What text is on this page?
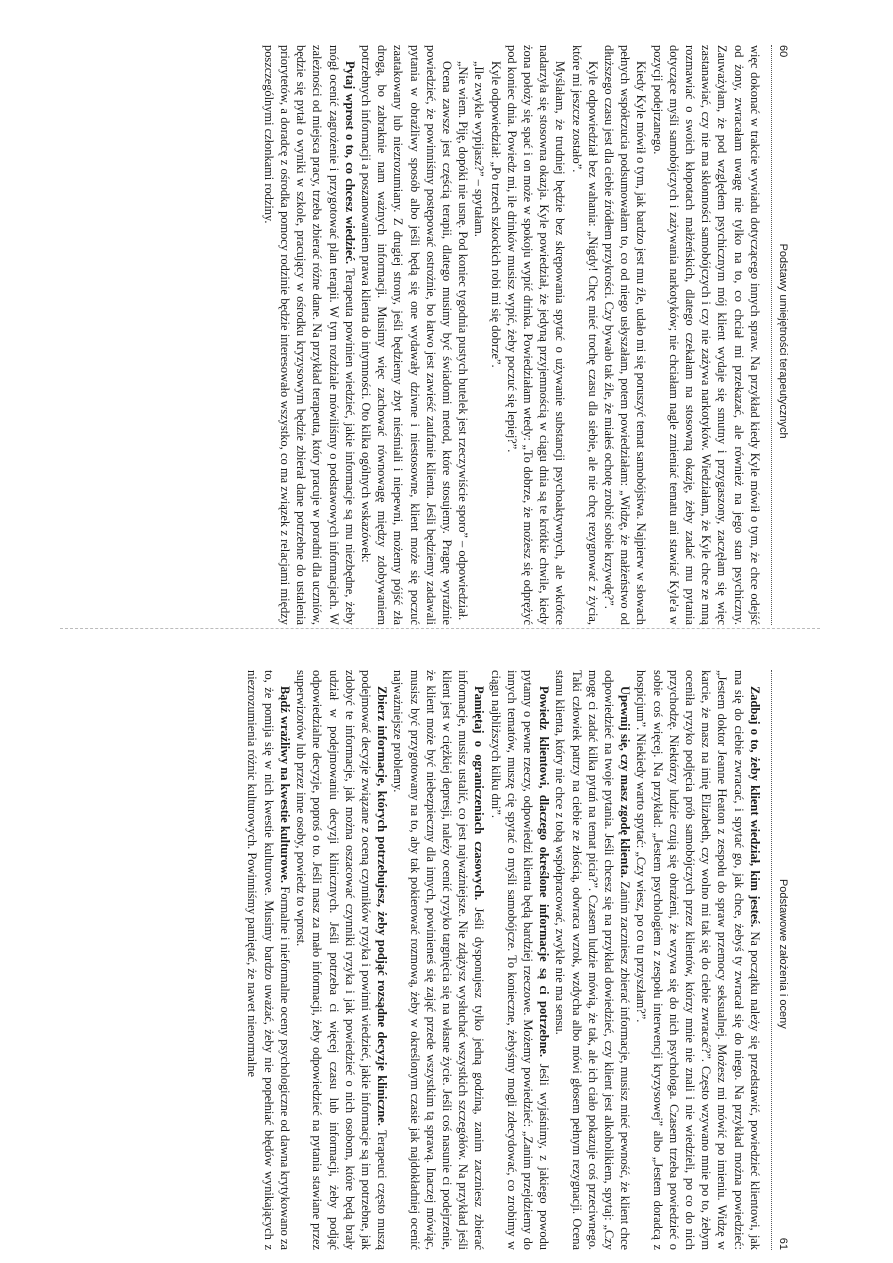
60
Podstawy umiejętności terapeutycznych

więc dokonać w trakcie wywiadu dotyczącego innych spraw. Na przykład kiedy Kyle mówił o tym, że chce odejść od żony, zwracałam uwagę nie tylko na to, co chciał mi przekazać, ale również na jego stan psychiczny. Zauważyłam, że pod względem psychicznym mój klient wydaje się smutny i przygaszony, zaczęłam się więc zastanawiać, czy nie ma skłonności samobójczych i czy nie zażywa narkotyków. Wiedziałam, że Kyle chce ze mną rozmawiać o swoich kłopotach małżeńskich, dlatego czekałam na stosowną okazję, żeby zadać mu pytania dotyczące myśli samobójczych i zażywania narkotyków; nie chciałam nagle zmieniać tematu ani stawiać Kyle'a w pozycji podejrzanego.

Kiedy Kyle mówił o tym, jak bardzo jest mu źle, udało mi się poruszyć temat samobójstwa. Najpierw w słowach pełnych współczucia podsumowałam to, co od niego usłyszałam, potem powiedziałam: „Widzę, że małżeństwo od dłuższego czasu jest dla ciebie źródłem przykrości. Czy bywało tak źle, że miałeś ochotę zrobić sobie krzywdę?”.

Kyle odpowiedział bez wahania: „Nigdy! Chcę mieć trochę czasu dla siebie, ale nie chcę rezygnować z życia, które mi jeszcze zostało”.

Myślałam, że trudniej będzie bez skrępowania spytać o używanie substancji psychoaktywnych, ale wkrótce nadarzyła się stosowna okazja. Kyle powiedział, że jedyną przyjemnością w ciągu dnia są te krótkie chwile, kiedy żona położy się spać i on może w spokoju wypić drinka. Powiedziałam wtedy: „To dobrze, że możesz się odprężyć pod koniec dnia. Powiedz mi, ile drinków musisz wypić, żeby poczuć się lepiej?”.

Kyle odpowiedział: „Po trzech szkockich robi mi się dobrze”.

„Ile zwykle wypijasz?” – spytałam.

„Nie wiem. Piję, dopóki nie usnę. Pod koniec tygodnia pustych butelek jest rzeczywiście sporo” – odpowiedział.

Ocena zawsze jest częścią terapii, dlatego musimy być świadomi metod, które stosujemy. Pragnę wyraźnie powiedzieć, że powinniśmy postępować ostrożnie, bo łatwo jest zawieść zaufanie klienta. Jeśli będziemy zadawali pytania w obraźliwy sposób albo jeśli będą się one wydawały dziwne i niestosowne, klient może się poczuć zaatakowany lub niezrozumiany. Z drugiej strony, jeśli będziemy zbyt nieśmiali i niepewni, możemy pójść zła drogą, bo zabraknie nam ważnych informacji. Musimy więc zachować równowagę między zdobywaniem potrzebnych informacji a poszanowaniem prawa klienta do intymności. Oto kilka ogólnych wskazówek:

Pytaj wprost o to, co chcesz wiedzieć. Terapeuta powinien wiedzieć, jakie informacje są mu niezbędne, żeby mógł ocenić zagrożenie i przygotować plan terapii. W tym rozdziale mówiliśmy o podstawowych informacjach. W zależności od miejsca pracy, trzeba zbierać różne dane. Na przykład terapeuta, który pracuje w poradni dla uczniów, będzie się pytał o wyniki w szkole, pracujący w ośrodku kryzysowym będzie zbierał dane potrzebne do ustalenia priorytetów, a doradcę z ośrodka pomocy rodzinie będzie interesowało wszystko, co ma związek z relacjami między poszczególnymi członkami rodziny.

Podstawowe założenia i oceny
61

Zadbaj o to, żeby klient wiedział, kim jesteś. Na początku należy się przedstawić, powiedzieć klientowi, jak ma się do ciebie zwracać, i spytać go, jak chce, żebyś ty zwracał się do niego. Na przykład można powiedzieć: „Jestem doktor Jeanne Heaton z zespołu do spraw przemocy seksualnej. Możesz mi mówić po imieniu. Widzę w karcie, że masz na imię Elizabeth, czy wolno mi tak się do ciebie zwracać?”. Często wzywano mnie po to, żebym oceniła ryzyko podjęcia prób samobójczych przez klientów, którzy mnie nie znali i nie wiedzieli, po co do nich przychodzę. Niektórzy ludzie czują się obrażeni, że wzywa się do nich psychologa. Czasem trzeba powiedzieć o sobie coś więcej. Na przykład: „Jestem psychologiem z zespołu interwencji kryzysowej” albo „Jestem doradcą z hospicjum”. Niekiedy warto spytać: „Czy wiesz, po co tu przyszłam?”.

Upewnij się, czy masz zgodę klienta. Zanim zaczniesz zbierać informacje, musisz mieć pewność, że klient chce odpowiedzieć na twoje pytania. Jeśli chcesz się na przykład dowiedzieć, czy klient jest alkoholikiem, spytaj: „Czy mogę ci zadać kilka pytań na temat picia?”. Czasem ludzie mówią, że tak, ale ich ciało pokazuje coś przeciwnego. Taki człowiek patrzy na ciebie ze złością, odwraca wzrok, wzdycha albo mówi głosem pełnym rezygnacji. Ocena stanu klienta, który nie chce z tobą współpracować, zwykle nie ma sensu.

Powiedz klientowi, dlaczego określone informacje są ci potrzebne. Jeśli wyjaśnimy, z jakiego powodu pytamy o pewne rzeczy, odpowiedzi klienta będą bardziej rzeczowe. Możemy powiedzieć: „Zanim przejdziemy do innych tematów, muszę cię spytać o myśli samobójcze. To konieczne, żebyśmy mogli zdecydować, co zrobimy w ciągu najbliższych kilku dni”.

Pamiętaj o ograniczeniach czasowych. Jeśli dysponujesz tylko jedną godziną, zanim zaczniesz zbierać informacje, musisz ustalić, co jest najważniejsze. Nie zdążysz wysłuchać wszystkich szczegółów. Na przykład jeśli klient jest w ciężkiej depresji, należy ocenić ryzyko targnięcia się na własne życie. Jeśli coś nasunie ci podejrzenie, że klient może być niebezpieczny dla innych, powinieneś się zająć przede wszystkim tą sprawą. Inaczej mówiąc, musisz być przygotowany na to, aby tak pokierować rozmową, żeby w określonym czasie jak najdokładniej ocenić najważniejsze problemy.

Zbierz informacje, których potrzebujesz, żeby podjąć rozsądne decyzje kliniczne. Terapeuci często muszą podejmować decyzje związane z oceną czynników ryzyka i powinni wiedzieć, jakie informacje są im potrzebne, jak zdobyć te informacje, jak można oszacować czynniki ryzyka i jak powiedzieć o nich osobom, które będą brały udział w podejmowaniu decyzji klinicznych. Jeśli potrzeba ci więcej czasu lub informacji, żeby podjąć odpowiedzialne decyzje, poproś o to. Jeśli masz za mało informacji, żeby odpowiedzieć na pytania stawiane przez superwizorów lub przez inne osoby, powiedz to wprost.

Bądź wrażliwy na kwestie kulturowe. Formalne i nieformalne oceny psychologiczne od dawna krytykowano za to, że pomija się w nich kwestie kulturowe. Musimy bardzo uważać, żeby nie popełniać błędów wynikających z niezrozumienia różnic kulturowych. Powinniśmy pamiętać, że nawet nienormalne
